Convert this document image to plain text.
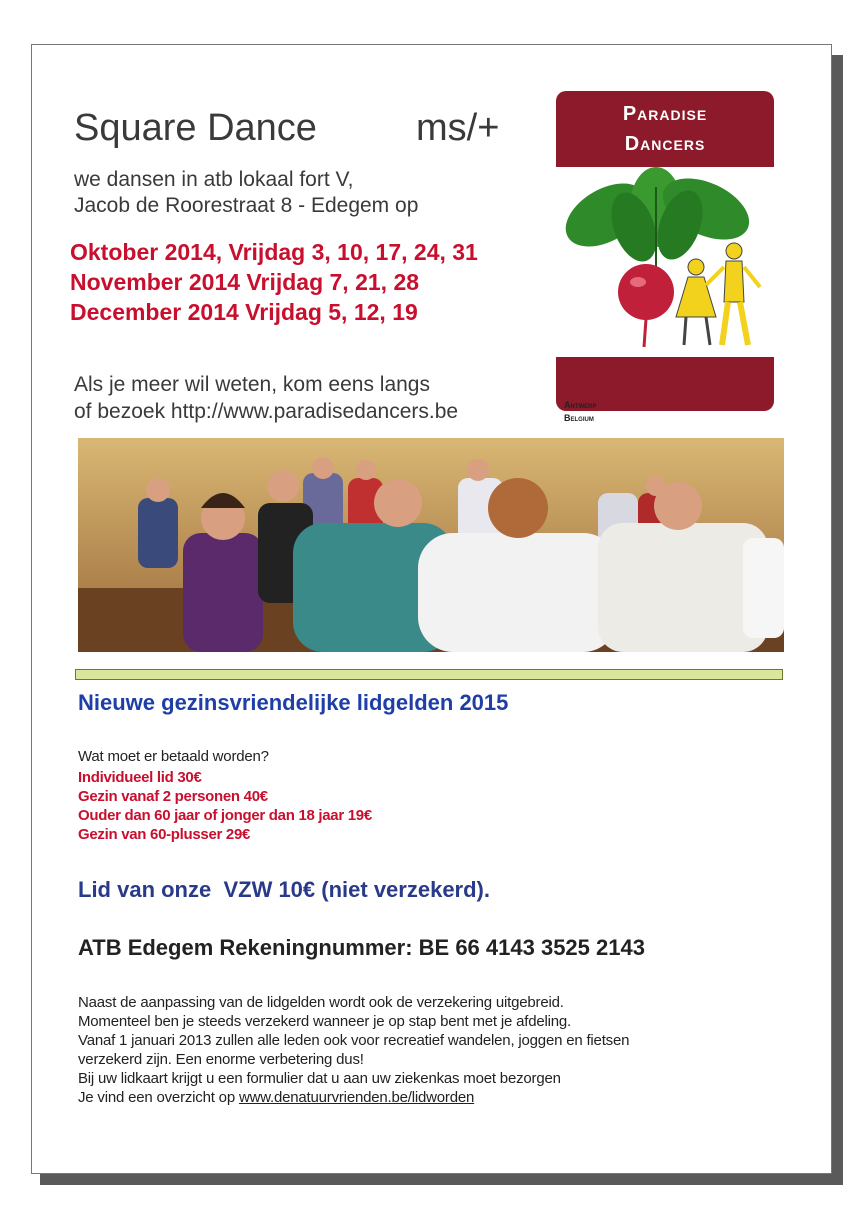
Square Dance	ms/+
we dansen in atb lokaal fort V,
Jacob de Roorestraat 8 - Edegem op
Oktober 2014, Vrijdag 3, 10, 17, 24, 31
November 2014 Vrijdag 7, 21, 28
December 2014 Vrijdag 5, 12, 19
Als je meer wil weten, kom eens langs
of bezoek http://www.paradisedancers.be
Paradise
Dancers
Antwerp
Belgium
Nieuwe gezinsvriendelijke lidgelden 2015
Wat moet er betaald worden?
Individueel lid 30€
Gezin vanaf 2 personen 40€
Ouder dan 60 jaar of jonger dan 18 jaar 19€
Gezin van 60-plusser 29€
Lid van onze  VZW 10€ (niet verzekerd).
ATB Edegem Rekeningnummer: BE 66 4143 3525 2143
Naast de aanpassing van de lidgelden wordt ook de verzekering uitgebreid.
Momenteel ben je steeds verzekerd wanneer je op stap bent met je afdeling.
Vanaf 1 januari 2013 zullen alle leden ook voor recreatief wandelen, joggen en fietsen
verzekerd zijn. Een enorme verbetering dus!
Bij uw lidkaart krijgt u een formulier dat u aan uw ziekenkas moet bezorgen
Je vind een overzicht op www.denatuurvrienden.be/lidworden
